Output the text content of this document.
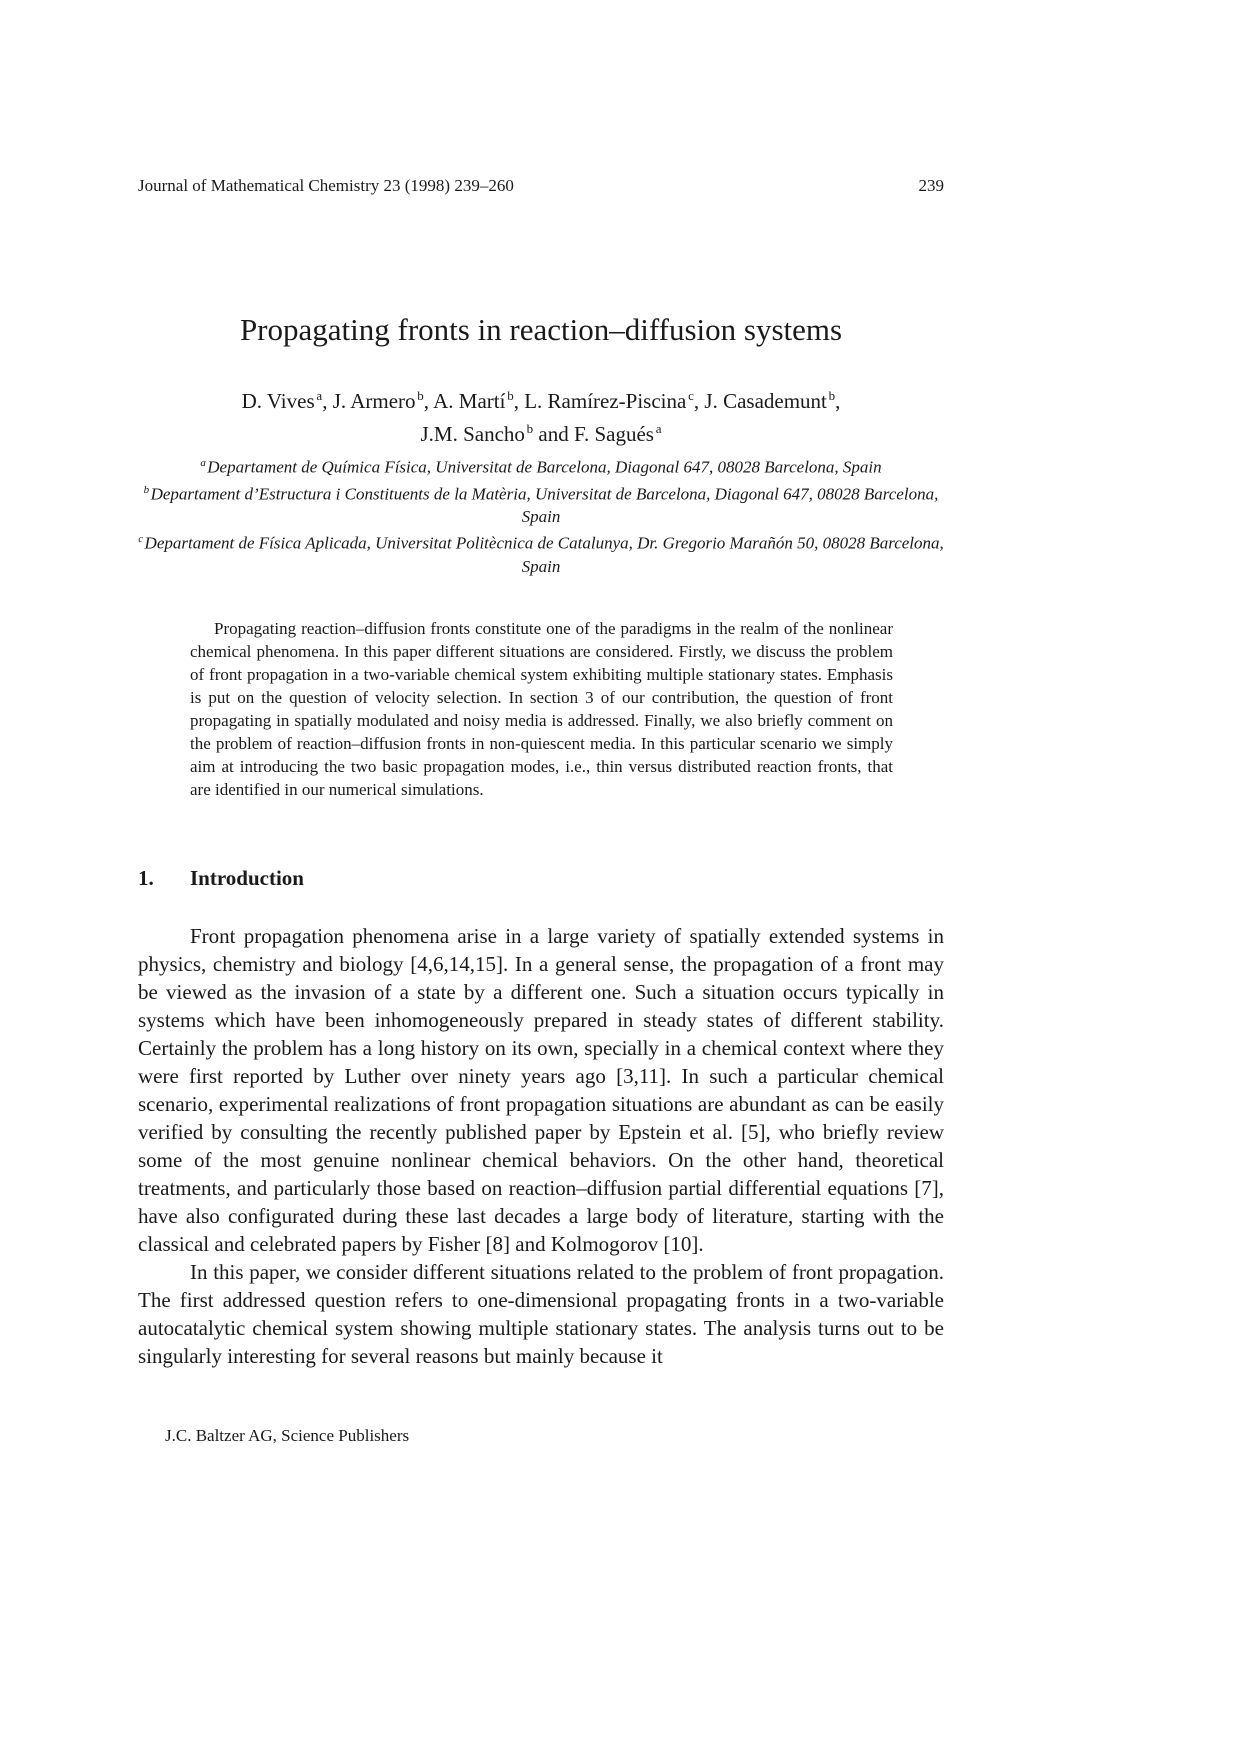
Journal of Mathematical Chemistry 23 (1998) 239–260	239
Propagating fronts in reaction–diffusion systems
D. Vives  $^a$, J. Armero  $^b$, A. Martí  $^b$, L. Ramírez-Piscina  $^c$, J. Casademunt  $^b$,
J.M. Sancho  $^b$ and F. Sagués  $^a$
$^a$ Departament de Química Física, Universitat de Barcelona, Diagonal 647, 08028 Barcelona, Spain
$^b$ Departament d’Estructura i Constituents de la Matèria, Universitat de Barcelona, Diagonal 647, 08028 Barcelona, Spain
$^c$ Departament de Física Aplicada, Universitat Politècnica de Catalunya, Dr. Gregorio Marañón 50, 08028 Barcelona, Spain

Propagating reaction–diffusion fronts constitute one of the paradigms in the realm of the nonlinear chemical phenomena. In this paper different situations are considered. Firstly, we discuss the problem of front propagation in a two-variable chemical system exhibiting multiple stationary states. Emphasis is put on the question of velocity selection. In section 3 of our contribution, the question of front propagating in spatially modulated and noisy media is addressed. Finally, we also briefly comment on the problem of reaction–diffusion fronts in non-quiescent media. In this particular scenario we simply aim at introducing the two basic propagation modes, i.e., thin versus distributed reaction fronts, that are identified in our numerical simulations.

1. Introduction

Front propagation phenomena arise in a large variety of spatially extended systems in physics, chemistry and biology [4,6,14,15]. In a general sense, the propagation of a front may be viewed as the invasion of a state by a different one. Such a situation occurs typically in systems which have been inhomogeneously prepared in steady states of different stability. Certainly the problem has a long history on its own, specially in a chemical context where they were first reported by Luther over ninety years ago [3,11]. In such a particular chemical scenario, experimental realizations of front propagation situations are abundant as can be easily verified by consulting the recently published paper by Epstein et al. [5], who briefly review some of the most genuine nonlinear chemical behaviors. On the other hand, theoretical treatments, and particularly those based on reaction–diffusion partial differential equations [7], have also configurated during these last decades a large body of literature, starting with the classical and celebrated papers by Fisher [8] and Kolmogorov [10].

In this paper, we consider different situations related to the problem of front propagation. The first addressed question refers to one-dimensional propagating fronts in a two-variable autocatalytic chemical system showing multiple stationary states. The analysis turns out to be singularly interesting for several reasons but mainly because it

J.C. Baltzer AG, Science Publishers
